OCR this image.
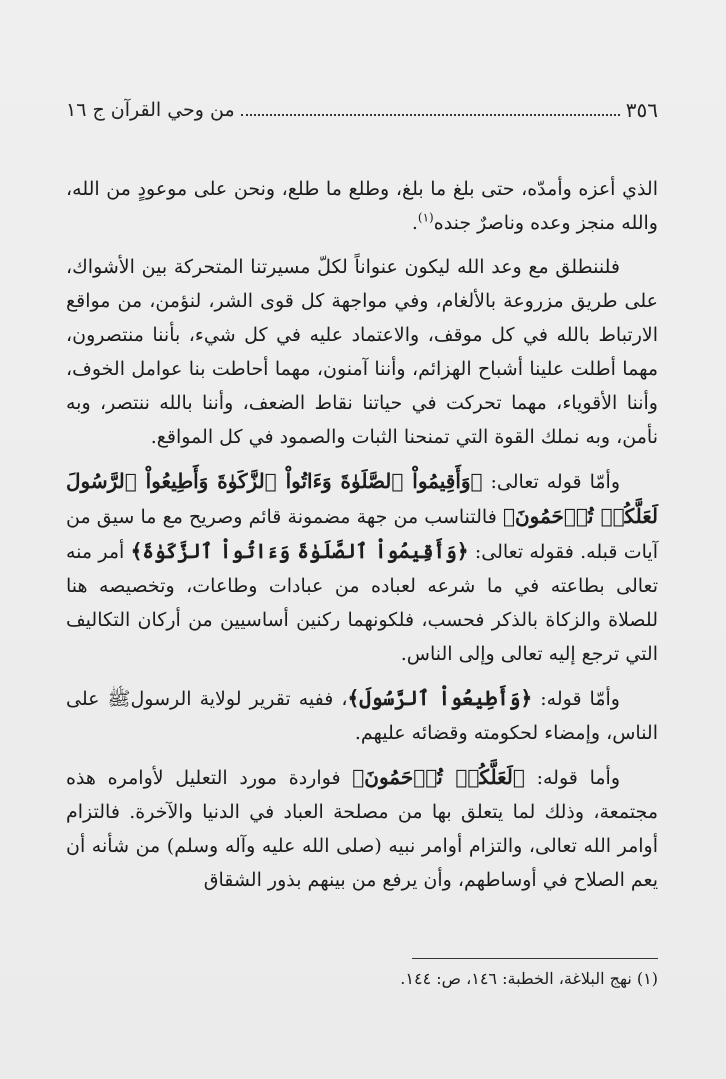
٣٥٦
من وحي القرآن ج ١٦

الذي أعزه وأمدّه، حتى بلغ ما بلغ، وطلع ما طلع، ونحن على موعودٍ من الله، والله منجز وعده وناصرٌ جنده$^{(١)}$.

فلننطلق مع وعد الله ليكون عنواناً لكلّ مسيرتنا المتحركة بين الأشواك، على طريق مزروعة بالألغام، وفي مواجهة كل قوى الشر، لنؤمن، من مواقع الارتباط بالله في كل موقف، والاعتماد عليه في كل شيء، بأننا منتصرون، مهما أطلت علينا أشباح الهزائم، وأننا آمنون، مهما أحاطت بنا عوامل الخوف، وأننا الأقوياء، مهما تحركت في حياتنا نقاط الضعف، وأننا بالله ننتصر، وبه نأمن، وبه نملك القوة التي تمنحنا الثبات والصمود في كل المواقع.

وأمّا قوله تعالى: ﴿وَأَقِيمُواْ ٱلصَّلَوٰةَ وَءَاتُواْ ٱلزَّكَوٰةَ وَأَطِيعُواْ ٱلرَّسُولَ لَعَلَّكُمۡ تُرۡحَمُونَ﴾ فالتناسب من جهة مضمونة قائم وصريح مع ما سيق من آيات قبله. فقوله تعالى: ﴿وَأَقِيمُواْ ٱلصَّلَوٰةَ وَءَاتُواْ ٱلزَّكَوٰةَ﴾ أمر منه تعالى بطاعته في ما شرعه لعباده من عبادات وطاعات، وتخصيصه هنا للصلاة والزكاة بالذكر فحسب، فلكونهما ركنين أساسيين من أركان التكاليف التي ترجع إليه تعالى وإلى الناس.

وأمّا قوله: ﴿وَأَطِيعُواْ ٱلرَّسُولَ﴾، ففيه تقرير لولاية الرسولﷺ على الناس، وإمضاء لحكومته وقضائه عليهم.

وأما قوله: ﴿لَعَلَّكُمۡ تُرۡحَمُونَ﴾ فواردة مورد التعليل لأوامره هذه مجتمعة، وذلك لما يتعلق بها من مصلحة العباد في الدنيا والآخرة. فالتزام أوامر الله تعالى، والتزام أوامر نبيه (صلى الله عليه وآله وسلم) من شأنه أن يعم الصلاح في أوساطهم، وأن يرفع من بينهم بذور الشقاق

(١) نهج البلاغة، الخطبة: ١٤٦، ص: ١٤٤.
